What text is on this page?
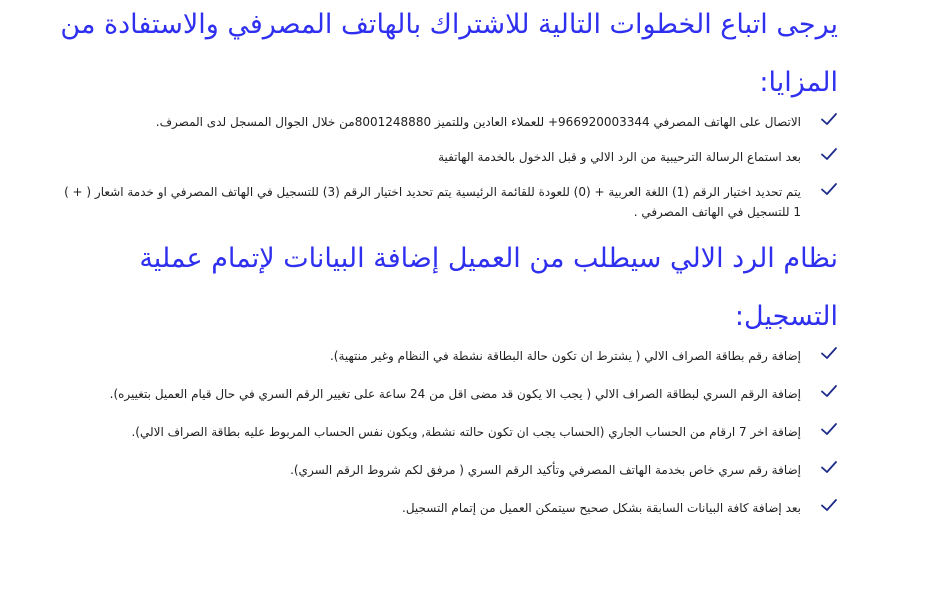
يرجى اتباع الخطوات التالية للاشتراك بالهاتف المصرفي والاستفادة من المزايا:
الاتصال على الهاتف المصرفي 966920003344+ للعملاء العادين وللتميز 8001248880من خلال الجوال المسجل لدى المصرف.
بعد استماع الرسالة الترحيبية من الرد الالي و قبل الدخول بالخدمة الهاتفية
يتم تحديد اختيار الرقم (1) اللغة العربية + (0) للعودة للقائمة الرئيسية يتم تحديد اختيار الرقم (3) للتسجيل في الهاتف المصرفي او خدمة اشعار ( + ) 1 للتسجيل في الهاتف المصرفي .
نظام الرد الالي سيطلب من العميل إضافة البيانات لإتمام عملية التسجيل:
إضافة رقم بطاقة الصراف الالي ( يشترط ان تكون حالة البطاقة نشطة في النظام وغير منتهية).
إضافة الرقم السري لبطاقة الصراف الالي ( يجب الا يكون قد مضى اقل من 24 ساعة على تغيير الرقم السري في حال قيام العميل بتغييره).
إضافة اخر 7 ارقام من الحساب الجاري (الحساب يجب ان تكون حالته نشطة, ويكون نفس الحساب المربوط عليه بطاقة الصراف الالي).
إضافة رقم سري خاص بخدمة الهاتف المصرفي وتأكيد الرقم السري ( مرفق لكم شروط الرقم السري).
بعد إضافة كافة البيانات السابقة بشكل صحيح سيتمكن العميل من إتمام التسجيل.
